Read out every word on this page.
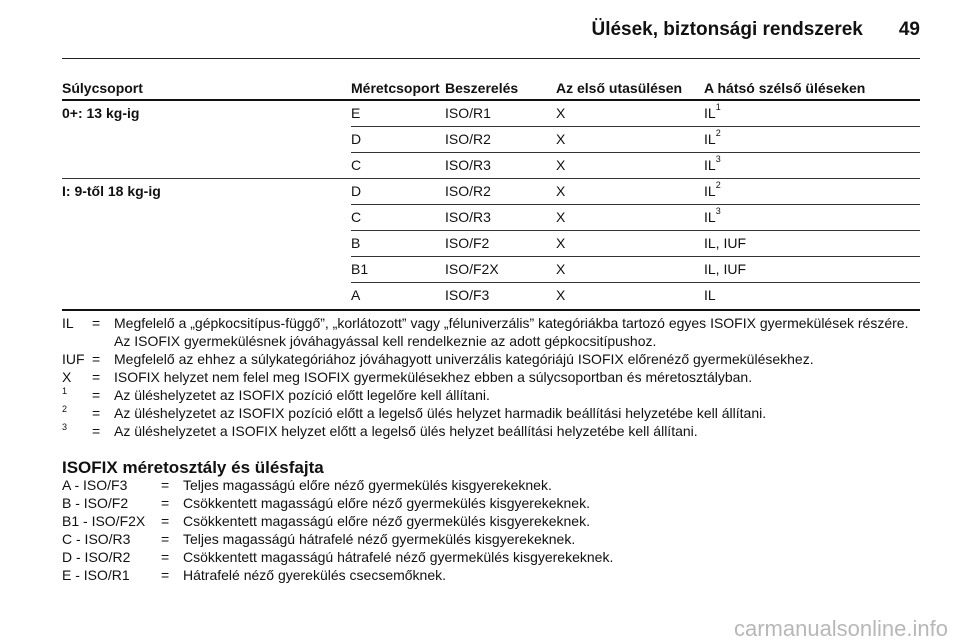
Ülések, biztonsági rendszerek 49
Súlycsoport	Méretcsoport	Beszerelés	Az első utasülésen	A hátsó szélső üléseken
0+: 13 kg-ig	E	ISO/R1	X	$IL^1$
	D	ISO/R2	X	$IL^2$
	C	ISO/R3	X	$IL^3$
I: 9-től 18 kg-ig	D	ISO/R2	X	$IL^2$
	C	ISO/R3	X	$IL^3$
	B	ISO/F2	X	IL, IUF
	B1	ISO/F2X	X	IL, IUF
	A	ISO/F3	X	IL
IL	= Megfelelő a „gépkocsitípus-függő”, „korlátozott” vagy „féluniverzális” kategóriákba tartozó egyes ISOFIX gyermekülések részére. Az ISOFIX gyermekülésnek jóváhagyással kell rendelkeznie az adott gépkocsitípushoz.
IUF = Megfelelő az ehhez a súlykategóriához jóváhagyott univerzális kategóriájú ISOFIX előrenéző gyermekülésekhez.
X	= ISOFIX helyzet nem felel meg ISOFIX gyermekülésekhez ebben a súlycsoportban és méretosztályban.
$^1$	= Az üléshelyzetet az ISOFIX pozíció előtt legelőre kell állítani.
$^2$	= Az üléshelyzetet az ISOFIX pozíció előtt a legelső ülés helyzet harmadik beállítási helyzetébe kell állítani.
$^3$	= Az üléshelyzetet a ISOFIX helyzet előtt a legelső ülés helyzet beállítási helyzetébe kell állítani.
ISOFIX méretosztály és ülésfajta
A - ISO/F3	= Teljes magasságú előre néző gyermekülés kisgyerekeknek.
B - ISO/F2	= Csökkentett magasságú előre néző gyermekülés kisgyerekeknek.
B1 - ISO/F2X	= Csökkentett magasságú előre néző gyermekülés kisgyerekeknek.
C - ISO/R3	= Teljes magasságú hátrafelé néző gyermekülés kisgyerekeknek.
D - ISO/R2	= Csökkentett magasságú hátrafelé néző gyermekülés kisgyerekeknek.
E - ISO/R1	= Hátrafelé néző gyerekülés csecsemőknek.
carmanualsonline.info
